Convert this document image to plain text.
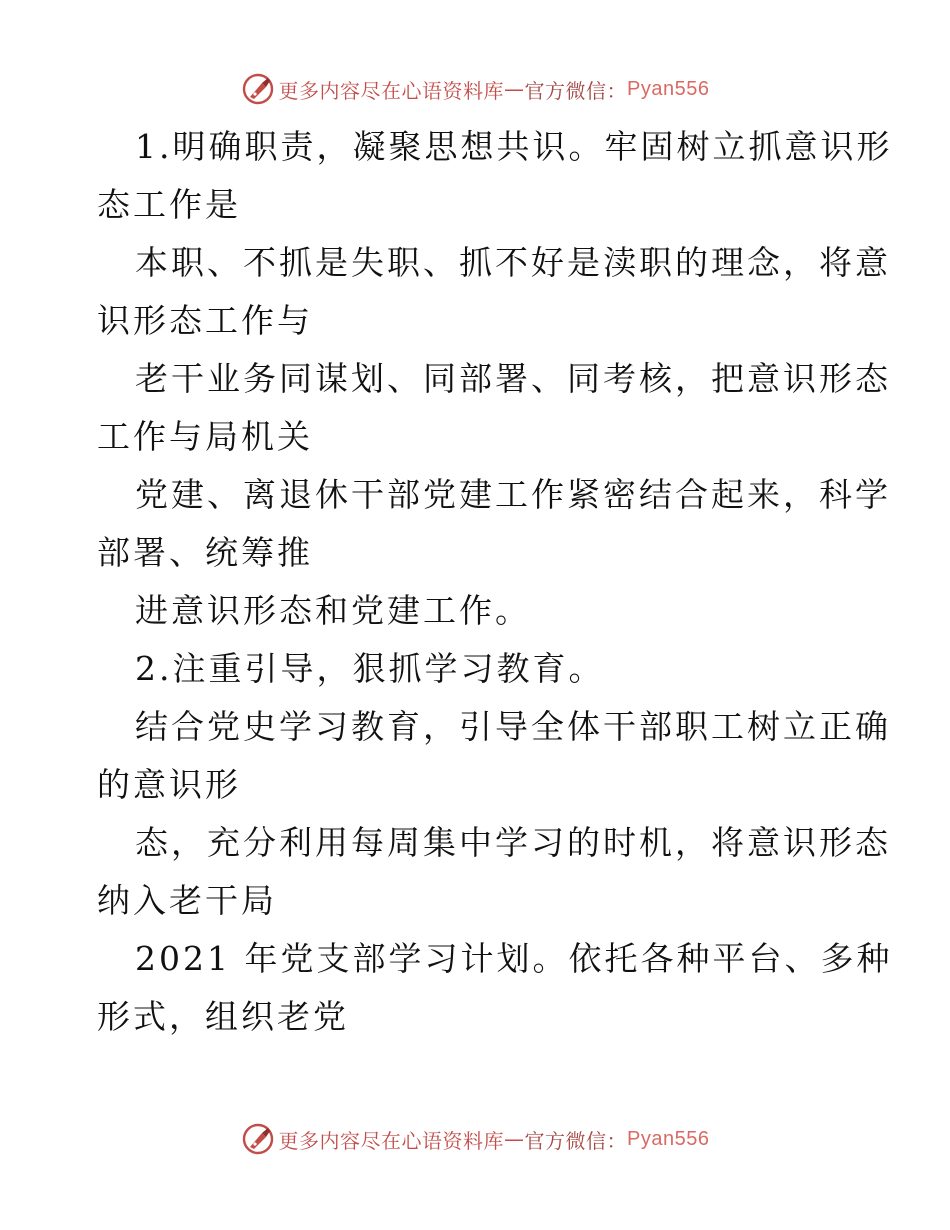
更多内容尽在心语资料库 — 官方微信： Pyan556
1.明确职责，凝聚思想共识。牢固树立抓意识形
态工作是
本职、不抓是失职、抓不好是渎职的理念，将意
识形态工作与
老干业务同谋划、同部署、同考核，把意识形态
工作与局机关
党建、离退休干部党建工作紧密结合起来，科学
部署、统筹推
进意识形态和党建工作。
2.注重引导，狠抓学习教育。
结合党史学习教育，引导全体干部职工树立正确
的意识形
态，充分利用每周集中学习的时机，将意识形态
纳入老干局
2021 年党支部学习计划。依托各种平台、多种
形式，组织老党
更多内容尽在心语资料库 — 官方微信： Pyan556
